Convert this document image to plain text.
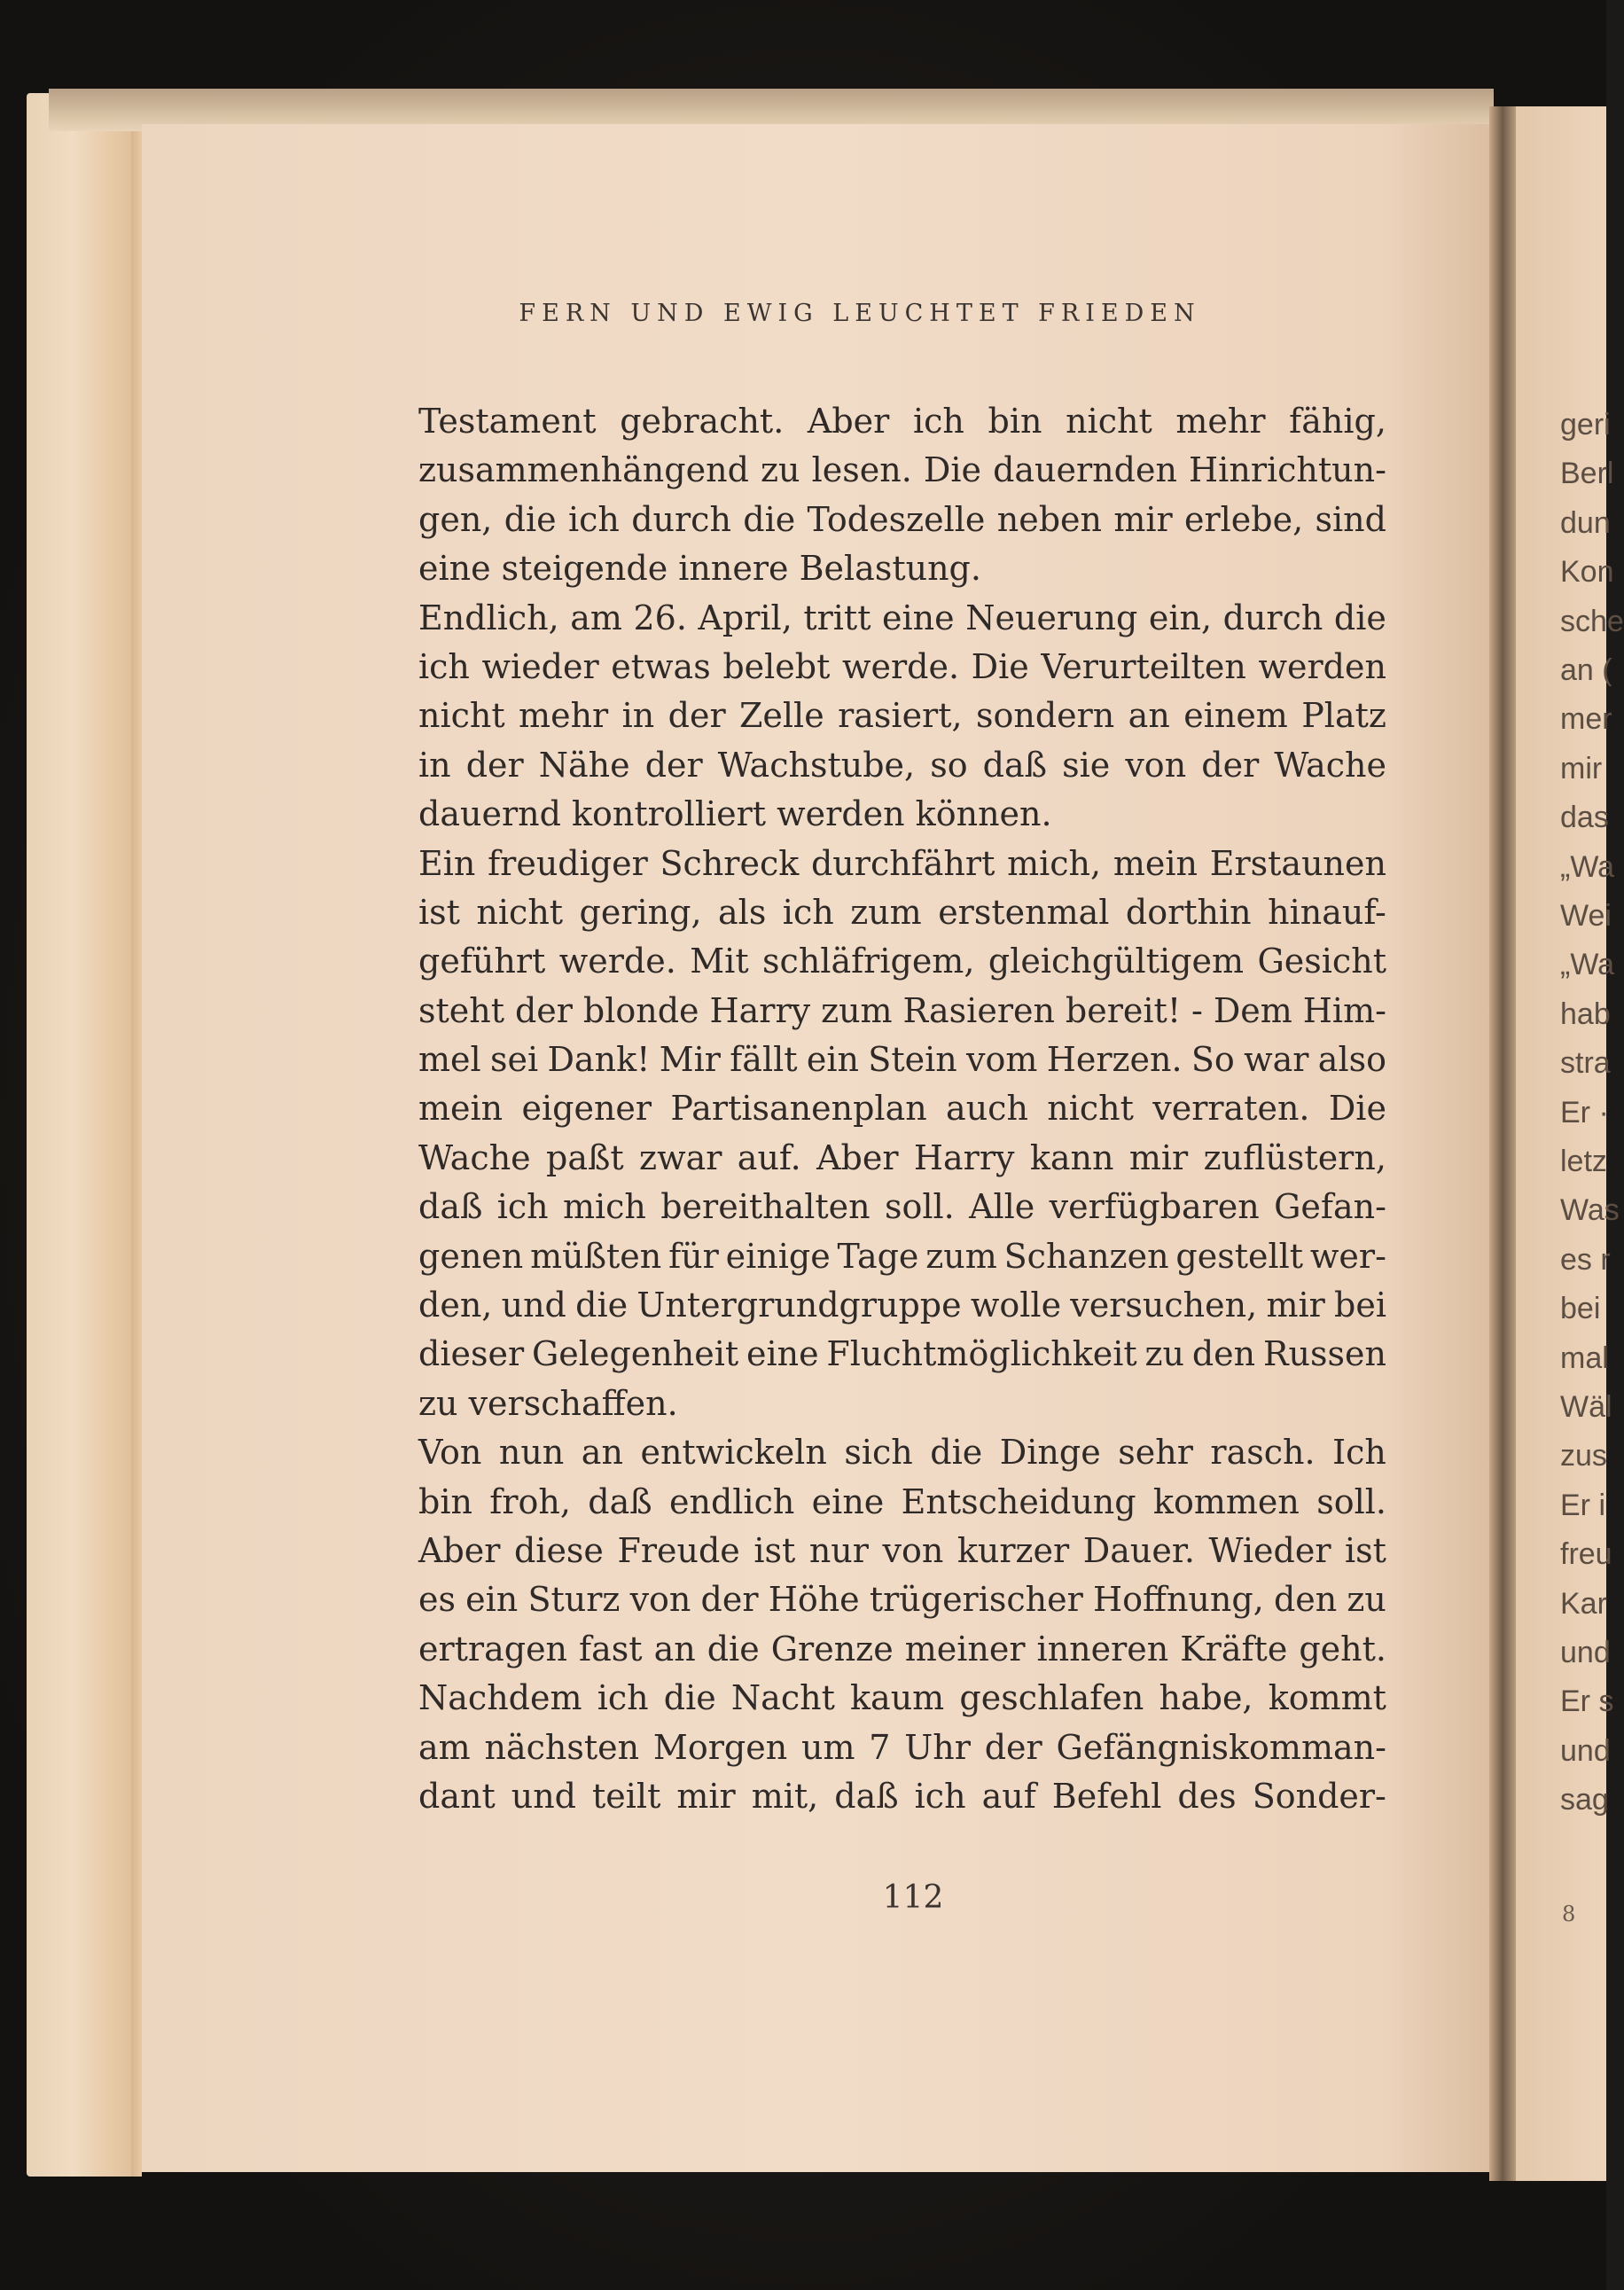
FERN UND EWIG LEUCHTET FRIEDEN
Testament gebracht. Aber ich bin nicht mehr fähig,
zusammenhängend zu lesen. Die dauernden Hinrichtun-
gen, die ich durch die Todeszelle neben mir erlebe, sind
eine steigende innere Belastung.
Endlich, am 26. April, tritt eine Neuerung ein, durch die
ich wieder etwas belebt werde. Die Verurteilten werden
nicht mehr in der Zelle rasiert, sondern an einem Platz
in der Nähe der Wachstube, so daß sie von der Wache
dauernd kontrolliert werden können.
Ein freudiger Schreck durchfährt mich, mein Erstaunen
ist nicht gering, als ich zum erstenmal dorthin hinauf-
geführt werde. Mit schläfrigem, gleichgültigem Gesicht
steht der blonde Harry zum Rasieren bereit! - Dem Him-
mel sei Dank! Mir fällt ein Stein vom Herzen. So war also
mein eigener Partisanenplan auch nicht verraten. Die
Wache paßt zwar auf. Aber Harry kann mir zuflüstern,
daß ich mich bereithalten soll. Alle verfügbaren Gefan-
genen müßten für einige Tage zum Schanzen gestellt wer-
den, und die Untergrundgruppe wolle versuchen, mir bei
dieser Gelegenheit eine Fluchtmöglichkeit zu den Russen
zu verschaffen.
Von nun an entwickeln sich die Dinge sehr rasch. Ich
bin froh, daß endlich eine Entscheidung kommen soll.
Aber diese Freude ist nur von kurzer Dauer. Wieder ist
es ein Sturz von der Höhe trügerischer Hoffnung, den zu
ertragen fast an die Grenze meiner inneren Kräfte geht.
Nachdem ich die Nacht kaum geschlafen habe, kommt
am nächsten Morgen um 7 Uhr der Gefängniskomman-
dant und teilt mir mit, daß ich auf Befehl des Sonder-
112	8
geri
Berl
dun
Kon
sche
an (
mer
mir
das
„Wa
Wei
„Wa
hab
stra
Er ·
letz
Was
es r
bei
mal
Wäl
zus
Er i
freu
Kar
und
Er s
und
sag
